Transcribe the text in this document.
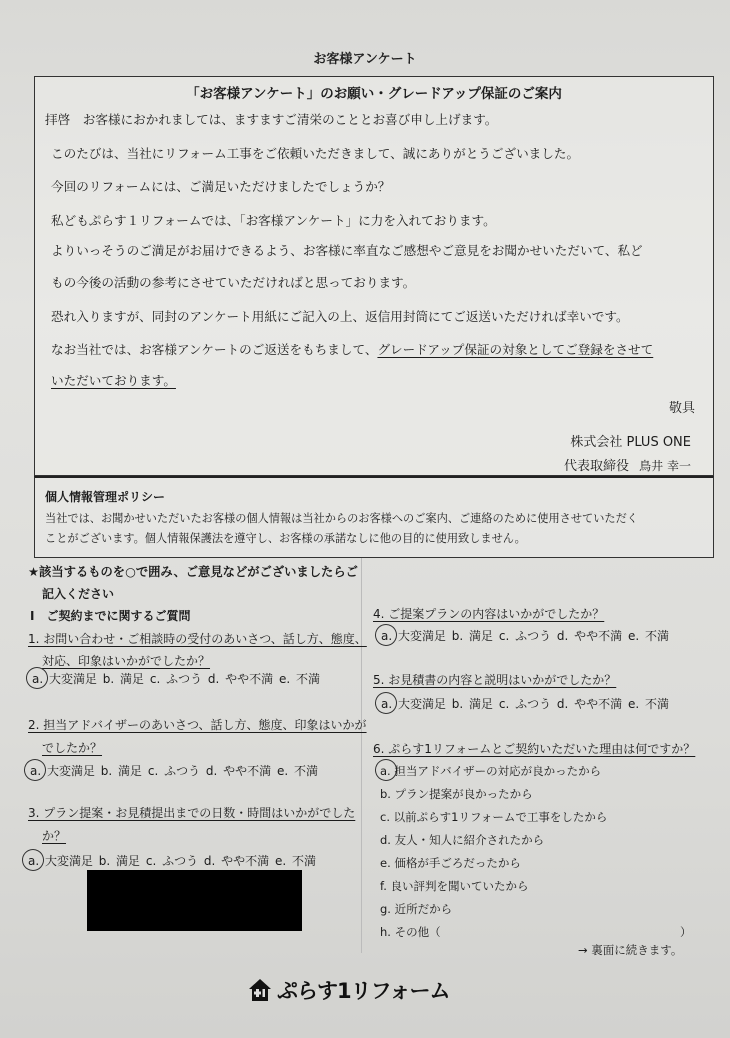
お客様アンケート
「お客様アンケート」のお願い・グレードアップ保証のご案内
拝啓　お客様におかれましては、ますますご清栄のこととお喜び申し上げます。
このたびは、当社にリフォーム工事をご依頼いただきまして、誠にありがとうございました。
今回のリフォームには、ご満足いただけましたでしょうか？
私どもぷらす１リフォームでは、「お客様アンケート」に力を入れております。
よりいっそうのご満足がお届けできるよう、お客様に率直なご感想やご意見をお聞かせいただいて、私ど
もの今後の活動の参考にさせていただければと思っております。
恐れ入りますが、同封のアンケート用紙にご記入の上、返信用封筒にてご返送いただければ幸いです。
なお当社では、お客様アンケートのご返送をもちまして、グレードアップ保証の対象としてご登録をさせて
いただいております。
敬具
株式会社 PLUS ONE
代表取締役 鳥井 幸一
個人情報管理ポリシー
当社では、お聞かせいただいたお客様の個人情報は当社からのお客様へのご案内、ご連絡のために使用させていただく
ことがございます。個人情報保護法を遵守し、お客様の承諾なしに他の目的に使用致しません。
★該当するものを○で囲み、ご意見などがございましたらご
記入ください
Ⅰ　ご契約までに関するご質問
1. お問い合わせ・ご相談時の受付のあいさつ、話し方、態度、
対応、印象はいかがでしたか？
a. 大変満足 b. 満足 c. ふつう d. やや不満 e. 不満
2. 担当アドバイザーのあいさつ、話し方、態度、印象はいかが
でしたか？
a. 大変満足 b. 満足 c. ふつう d. やや不満 e. 不満
3. プラン提案・お見積提出までの日数・時間はいかがでした
か？
a. 大変満足 b. 満足 c. ふつう d. やや不満 e. 不満
4. ご提案プランの内容はいかがでしたか？
a. 大変満足 b. 満足 c. ふつう d. やや不満 e. 不満
5. お見積書の内容と説明はいかがでしたか？
a. 大変満足 b. 満足 c. ふつう d. やや不満 e. 不満
6. ぷらす1リフォームとご契約いただいた理由は何ですか？
a. 担当アドバイザーの対応が良かったから
b. プラン提案が良かったから
c. 以前ぷらす1リフォームで工事をしたから
d. 友人・知人に紹介されたから
e. 価格が手ごろだったから
f. 良い評判を聞いていたから
g. 近所だから
h. その他（	）
→ 裏面に続きます。
ぷらす1リフォーム
